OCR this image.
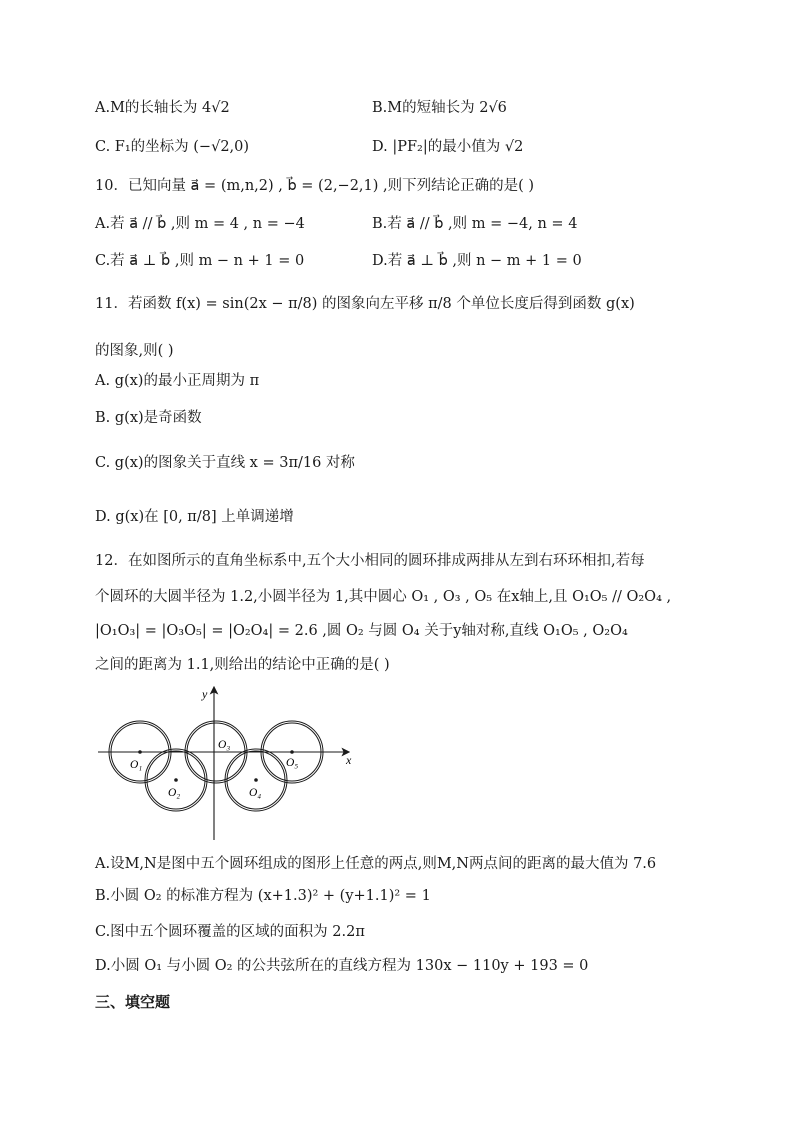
A.M的长轴长为 4√2	B.M的短轴长为 2√6
C. F₁的坐标为 (−√2,0)	D. |PF₂|的最小值为 √2
10．已知向量 a⃗ = (m,n,2) , b⃗ = (2,−2,1) ,则下列结论正确的是( )
A.若 a⃗ // b⃗ ,则 m = 4 , n = −4	B.若 a⃗ // b⃗ ,则 m = −4, n = 4
C.若 a⃗ ⊥ b⃗ ,则 m − n + 1 = 0	D.若 a⃗ ⊥ b⃗ ,则 n − m + 1 = 0
11．若函数 f(x) = sin(2x − π/8) 的图象向左平移 π/8 个单位长度后得到函数 g(x)
的图象,则( )
A. g(x)的最小正周期为 π
B. g(x)是奇函数
C. g(x)的图象关于直线 x = 3π/16 对称
D. g(x)在 [0, π/8] 上单调递增
12．在如图所示的直角坐标系中,五个大小相同的圆环排成两排从左到右环环相扣,若每
个圆环的大圆半径为 1.2,小圆半径为 1,其中圆心 O₁ , O₃ , O₅ 在x轴上,且 O₁O₅ // O₂O₄ ,
|O₁O₃| = |O₃O₅| = |O₂O₄| = 2.6 ,圆 O₂ 与圆 O₄ 关于y轴对称,直线 O₁O₅ , O₂O₄
之间的距离为 1.1,则给出的结论中正确的是( )
x
y
O₁
O₂
O₃
O₄
O₅
A.设M,N是图中五个圆环组成的图形上任意的两点,则M,N两点间的距离的最大值为 7.6
B.小圆 O₂ 的标准方程为 (x+1.3)² + (y+1.1)² = 1
C.图中五个圆环覆盖的区域的面积为 2.2π
D.小圆 O₁ 与小圆 O₂ 的公共弦所在的直线方程为 130x − 110y + 193 = 0
三、填空题
